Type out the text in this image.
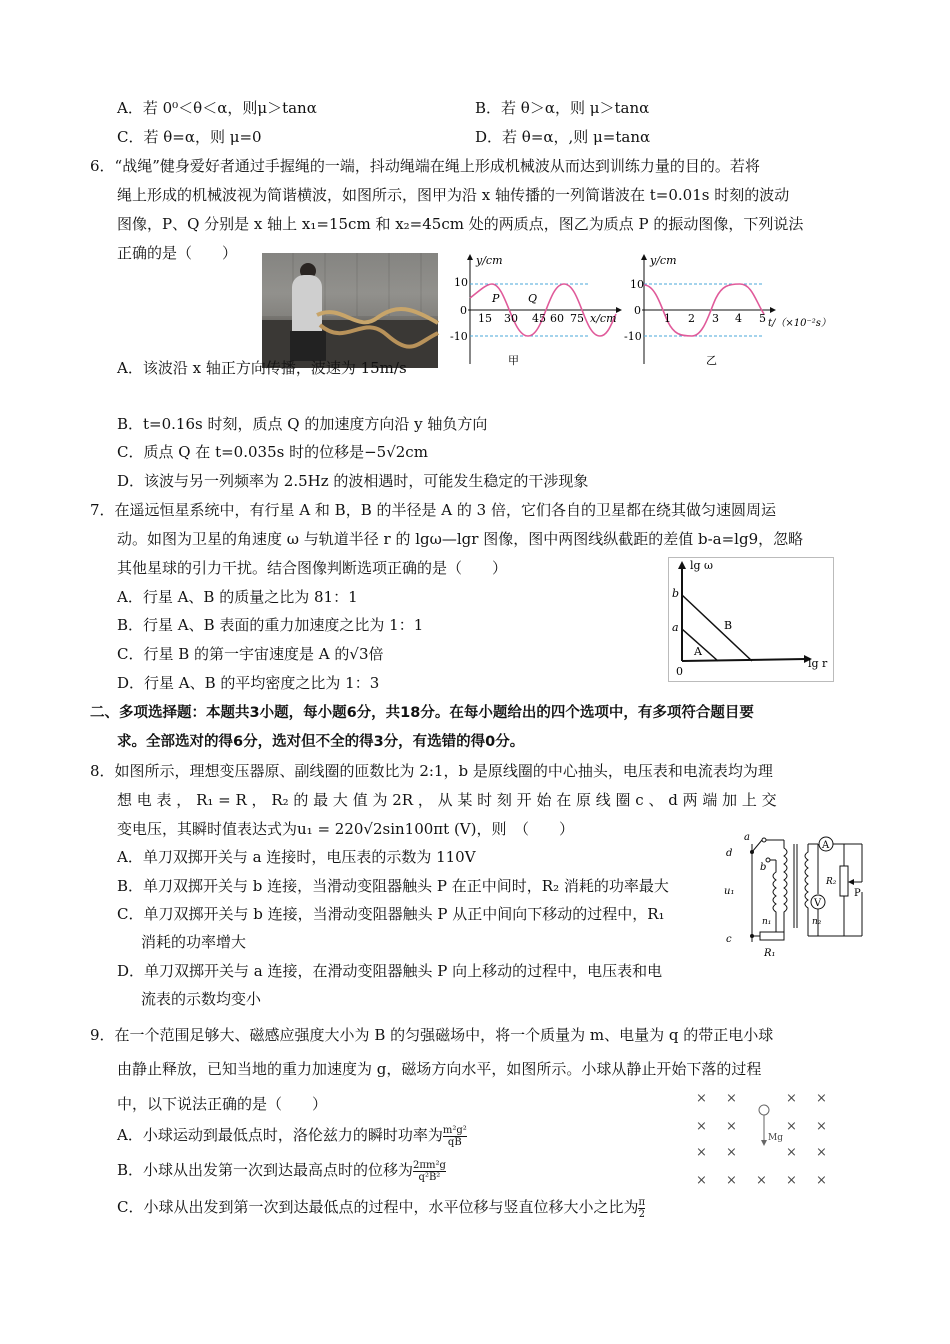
A．若 0⁰＜θ＜α，则μ＞tanα	B．若 θ＞α，则 μ＞tanα
C．若 θ=α，则 μ=0	D．若 θ=α，,则 μ=tanα
6．“战绳”健身爱好者通过手握绳的一端，抖动绳端在绳上形成机械波从而达到训练力量的目的。若将
绳上形成的机械波视为简谐横波，如图所示，图甲为沿 x 轴传播的一列简谐波在 t=0.01s 时刻的波动
图像，P、Q 分别是 x 轴上 x₁=15cm 和 x₂=45cm 处的两质点，图乙为质点 P 的振动图像，下列说法
正确的是（　　）
10
0
-10
y/cm
x/cm
15 30 45 60 75
P	Q
甲
10
0
-10
y/cm
1 2 3 4 5 t/（×10⁻²s）
乙
A．该波沿 x 轴正方向传播，波速为 15m/s
B．t=0.16s 时刻，质点 Q 的加速度方向沿 y 轴负方向
C．质点 Q 在 t=0.035s 时的位移是−5√2cm
D．该波与另一列频率为 2.5Hz 的波相遇时，可能发生稳定的干涉现象
7．在遥远恒星系统中，有行星 A 和 B，B 的半径是 A 的 3 倍，它们各自的卫星都在绕其做匀速圆周运
动。如图为卫星的角速度 ω 与轨道半径 r 的 lgω—lgr 图像，图中两图线纵截距的差值 b-a=lg9，忽略
其他星球的引力干扰。结合图像判断选项正确的是（　　）
A．行星 A、B 的质量之比为 81：1
B．行星 A、B 表面的重力加速度之比为 1：1
C．行星 B 的第一宇宙速度是 A 的√3倍
D．行星 A、B 的平均密度之比为 1：3
lg ω
b
a
0
A
B
lg r
二、多项选择题：本题共3小题，每小题6分，共18分。在每小题给出的四个选项中，有多项符合题目要
求。全部选对的得6分，选对但不全的得3分，有选错的得0分。
8．如图所示，理想变压器原、副线圈的匝数比为 2:1，b 是原线圈的中心抽头，电压表和电流表均为理
想 电 表 ， R₁ = R ， R₂ 的 最 大 值 为 2R ， 从 某 时 刻 开 始 在 原 线 圈 c 、 d 两 端 加 上 交
变电压，其瞬时值表达式为u₁ = 220√2sin100πt (V)，则　（　　）
A．单刀双掷开关与 a 连接时，电压表的示数为 110V
B．单刀双掷开关与 b 连接，当滑动变阻器触头 P 在正中间时，R₂ 消耗的功率最大
C．单刀双掷开关与 b 连接，当滑动变阻器触头 P 从正中间向下移动的过程中，R₁
消耗的功率增大
D．单刀双掷开关与 a 连接，在滑动变阻器触头 P 向上移动的过程中，电压表和电
流表的示数均变小
a
b
d
c
u₁
n₁	n₂
R₁
R₂
A
V
P
9．在一个范围足够大、磁感应强度大小为 B 的匀强磁场中，将一个质量为 m、电量为 q 的带正电小球
由静止释放，已知当地的重力加速度为 g，磁场方向水平，如图所示。小球从静止开始下落的过程
中，以下说法正确的是（　　）
A．小球运动到最低点时，洛伦兹力的瞬时功率为 $\frac{\text{m²g²}}{qB}$
B．小球从出发第一次到达最高点时的位移为 $\frac{\text{2πm²g}}{\text{q²B²}}$
C．小球从出发到第一次到达最低点的过程中，水平位移与竖直位移大小之比为 $\frac{\pi}{2}$
× ×	× ×
× ×	× ×
× ×	× ×
× × × × ×
Mg
